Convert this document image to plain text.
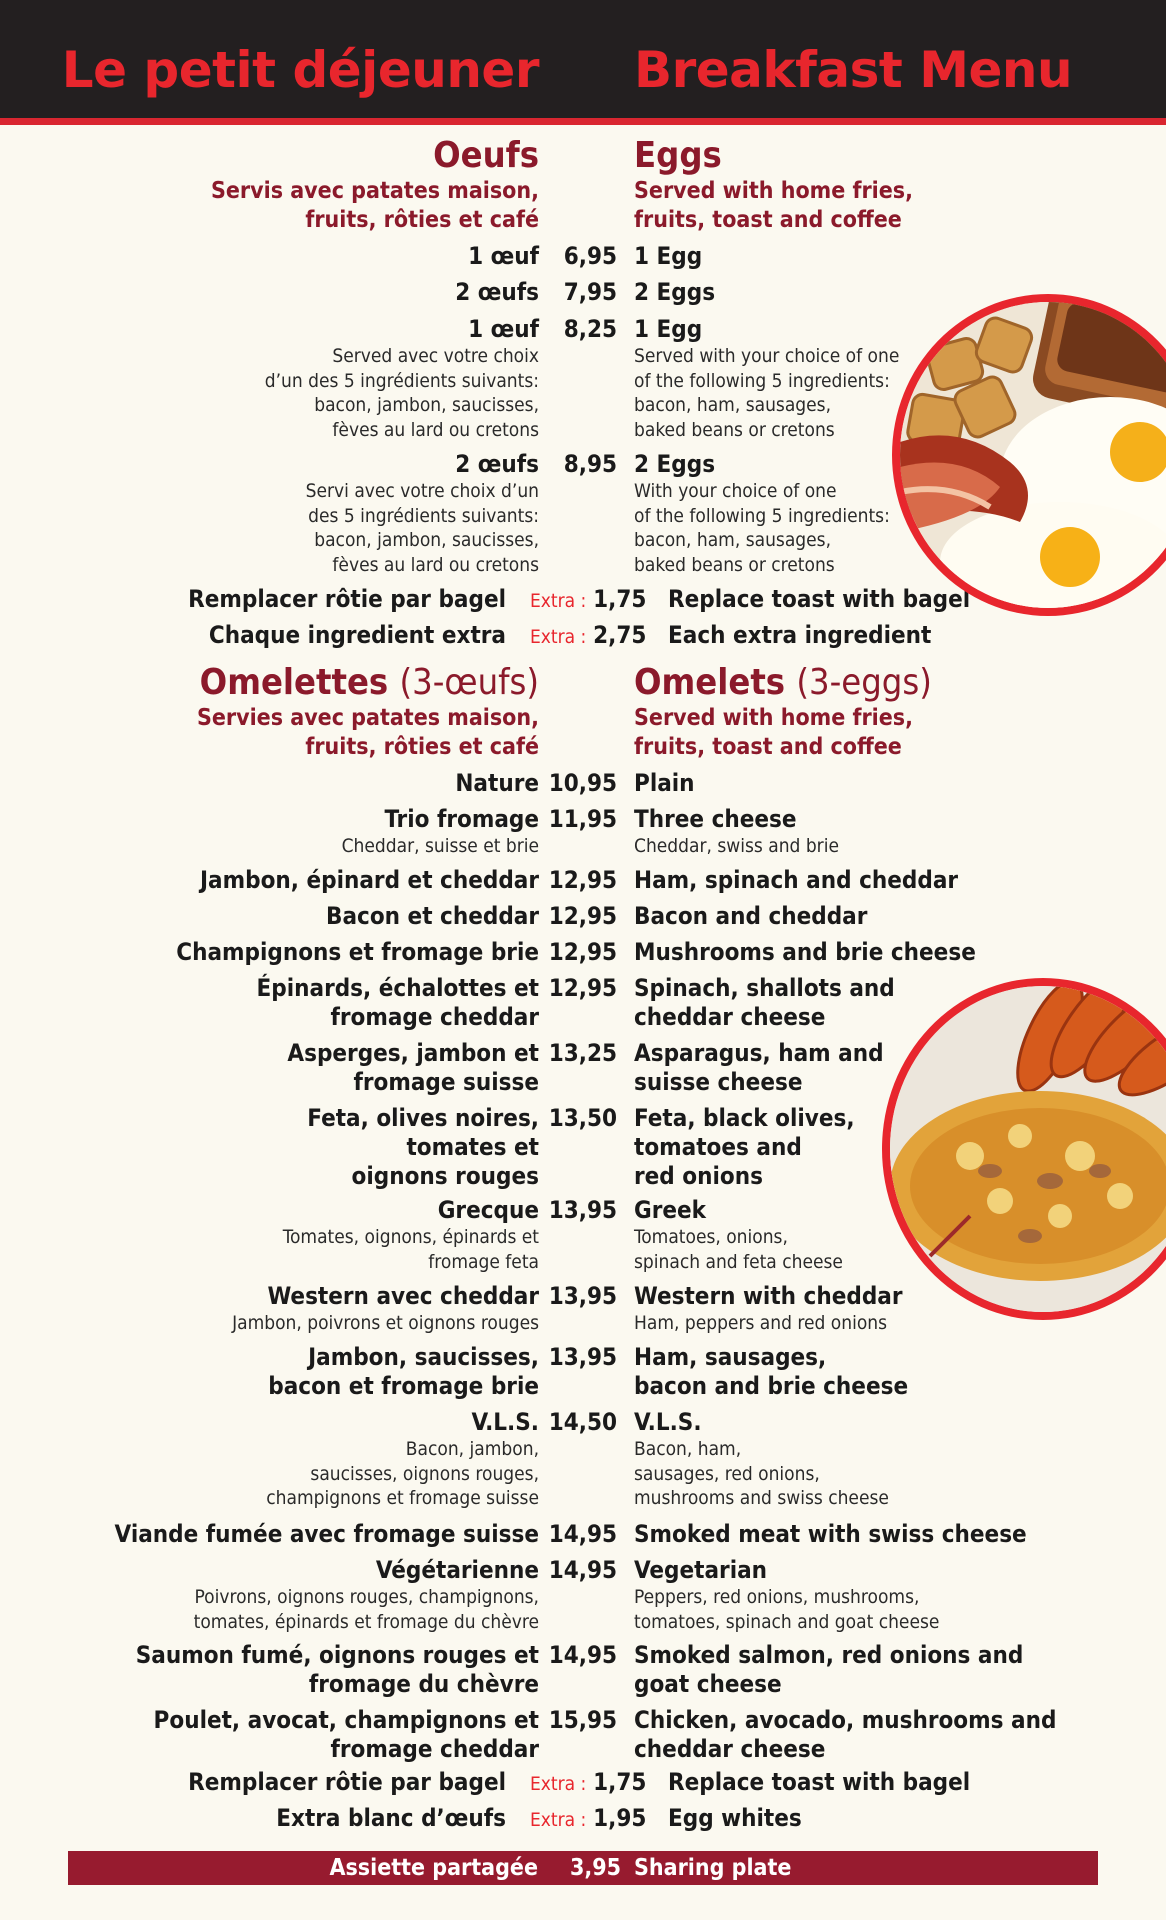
Le petit déjeuner Breakfast Menu
Oeufs	Eggs
Servis avec patates maison,
fruits, rôties et café
Served with home fries,
fruits, toast and coffee
1 œuf 6,95 1 Egg
2 œufs 7,95 2 Eggs
1 œuf
Served avec votre choix
d’un des 5 ingrédients suivants:
bacon, jambon, saucisses,
fèves au lard ou cretons
8,25 1 Egg
Served with your choice of one
of the following 5 ingredients:
bacon, ham, sausages,
baked beans or cretons
2 œufs
Servi avec votre choix d’un
des 5 ingrédients suivants:
bacon, jambon, saucisses,
fèves au lard ou cretons
8,95 2 Eggs
With your choice of one
of the following 5 ingredients:
bacon, ham, sausages,
baked beans or cretons
Remplacer rôtie par bagel Extra : 1,75 Replace toast with bagel
Chaque ingredient extra Extra : 2,75 Each extra ingredient
Omelettes (3-œufs)	Omelets (3-eggs)
Servies avec patates maison,
fruits, rôties et café
Served with home fries,
fruits, toast and coffee
Nature 10,95 Plain
Trio fromage
Cheddar, suisse et brie
11,95 Three cheese
Cheddar, swiss and brie
Jambon, épinard et cheddar 12,95 Ham, spinach and cheddar
Bacon et cheddar 12,95 Bacon and cheddar
Champignons et fromage brie 12,95 Mushrooms and brie cheese
Épinards, échalottes et
fromage cheddar
12,95 Spinach, shallots and
cheddar cheese
Asperges, jambon et
fromage suisse
13,25 Asparagus, ham and
suisse cheese
Feta, olives noires,
tomates et
oignons rouges
13,50 Feta, black olives,
tomatoes and
red onions
Grecque
Tomates, oignons, épinards et
fromage feta
13,95 Greek
Tomatoes, onions,
spinach and feta cheese
Western avec cheddar
Jambon, poivrons et oignons rouges
13,95 Western with cheddar
Ham, peppers and red onions
Jambon, saucisses,
bacon et fromage brie
13,95 Ham, sausages,
bacon and brie cheese
V.L.S.
Bacon, jambon,
saucisses, oignons rouges,
champignons et fromage suisse
14,50 V.L.S.
Bacon, ham,
sausages, red onions,
mushrooms and swiss cheese
Viande fumée avec fromage suisse 14,95 Smoked meat with swiss cheese
Végétarienne
Poivrons, oignons rouges, champignons,
tomates, épinards et fromage du chèvre
14,95 Vegetarian
Peppers, red onions, mushrooms,
tomatoes, spinach and goat cheese
Saumon fumé, oignons rouges et
fromage du chèvre
14,95 Smoked salmon, red onions and
goat cheese
Poulet, avocat, champignons et
fromage cheddar
15,95 Chicken, avocado, mushrooms and
cheddar cheese
Remplacer rôtie par bagel Extra : 1,75 Replace toast with bagel
Extra blanc d’œufs Extra : 1,95 Egg whites
Assiette partagée 3,95 Sharing plate
